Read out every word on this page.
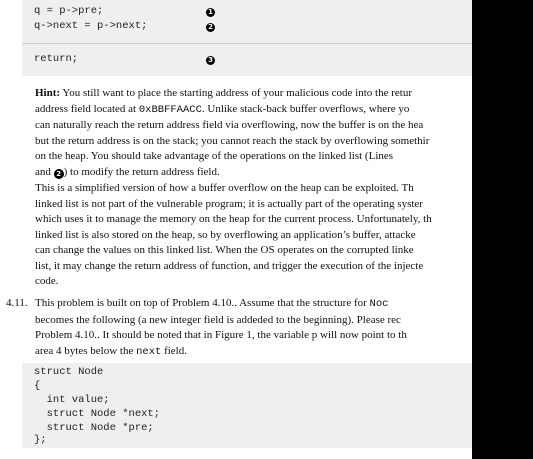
q = p->pre;	1
q->next = p->next;	2
return;	3
Hint: You still want to place the starting address of your malicious code into the retur
address field located at 0xBBFFAACC. Unlike stack-back buffer overflows, where yo
can naturally reach the return address field via overflowing, now the buffer is on the hea
but the return address is on the stack; you cannot reach the stack by overflowing somethir
on the heap. You should take advantage of the operations on the linked list (Lines
and 2 ) to modify the return address field.
This is a simplified version of how a buffer overflow on the heap can be exploited. Th
linked list is not part of the vulnerable program; it is actually part of the operating syster
which uses it to manage the memory on the heap for the current process. Unfortunately, th
linked list is also stored on the heap, so by overflowing an application’s buffer, attacke
can change the values on this linked list. When the OS operates on the corrupted linke
list, it may change the return address of function, and trigger the execution of the injecte
code.
4.11. This problem is built on top of Problem 4.10.. Assume that the structure for Noc
becomes the following (a new integer field is addeded to the beginning). Please rec
Problem 4.10.. It should be noted that in Figure 1, the variable p will now point to th
area 4 bytes below the next field.
struct Node
{
int value;
struct Node *next;
struct Node *pre;
};
